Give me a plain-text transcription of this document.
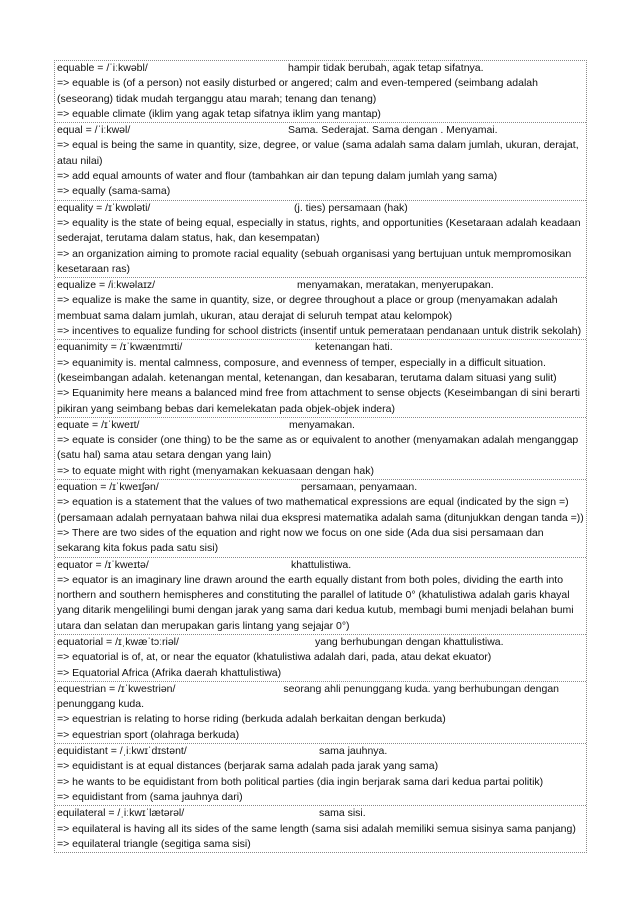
equable = /ˈiːkwəbl/	hampir tidak berubah, agak tetap sifatnya.
=> equable is (of a person) not easily disturbed or angered; calm and even-tempered (seimbang adalah (seseorang) tidak mudah terganggu atau marah; tenang dan tenang)
=> equable climate (iklim yang agak tetap sifatnya iklim yang mantap)
equal = /ˈiːkwəl/	Sama. Sederajat. Sama dengan . Menyamai.
=> equal is being the same in quantity, size, degree, or value (sama adalah sama dalam jumlah, ukuran, derajat, atau nilai)
=> add equal amounts of water and flour (tambahkan air dan tepung dalam jumlah yang sama)
=> equally (sama-sama)
equality = /ɪˈkwɒləti/	(j. ties) persamaan (hak)
=> equality is the state of being equal, especially in status, rights, and opportunities (Kesetaraan adalah keadaan sederajat, terutama dalam status, hak, dan kesempatan)
=> an organization aiming to promote racial equality (sebuah organisasi yang bertujuan untuk mempromosikan kesetaraan ras)
equalize = /iːkwəlaɪz/	menyamakan, meratakan, menyerupakan.
=> equalize is make the same in quantity, size, or degree throughout a place or group (menyamakan adalah membuat sama dalam jumlah, ukuran, atau derajat di seluruh tempat atau kelompok)
=> incentives to equalize funding for school districts (insentif untuk pemerataan pendanaan untuk distrik sekolah)
equanimity = /ɪˈkwænɪmɪti/	ketenangan hati.
=> equanimity is. mental calmness, composure, and evenness of temper, especially in a difficult situation. (keseimbangan adalah. ketenangan mental, ketenangan, dan kesabaran, terutama dalam situasi yang sulit)
=> Equanimity here means a balanced mind free from attachment to sense objects (Keseimbangan di sini berarti pikiran yang seimbang bebas dari kemelekatan pada objek-objek indera)
equate = /ɪˈkweɪt/	menyamakan.
=> equate is consider (one thing) to be the same as or equivalent to another (menyamakan adalah menganggap (satu hal) sama atau setara dengan yang lain)
=> to equate might with right (menyamakan kekuasaan dengan hak)
equation = /ɪˈkweɪʃən/	persamaan, penyamaan.
=> equation is a statement that the values of two mathematical expressions are equal (indicated by the sign =) (persamaan adalah pernyataan bahwa nilai dua ekspresi matematika adalah sama (ditunjukkan dengan tanda =))
=> There are two sides of the equation and right now we focus on one side (Ada dua sisi persamaan dan sekarang kita fokus pada satu sisi)
equator = /ɪˈkweɪtə/	khattulistiwa.
=> equator is an imaginary line drawn around the earth equally distant from both poles, dividing the earth into northern and southern hemispheres and constituting the parallel of latitude 0° (khatulistiwa adalah garis khayal yang ditarik mengelilingi bumi dengan jarak yang sama dari kedua kutub, membagi bumi menjadi belahan bumi utara dan selatan dan merupakan garis lintang yang sejajar 0°)
equatorial = /ɪˌkwæˈtɔːriəl/	yang berhubungan dengan khattulistiwa.
=> equatorial is of, at, or near the equator (khatulistiwa adalah dari, pada, atau dekat ekuator)
=> Equatorial Africa (Afrika daerah khattulistiwa)
equestrian = /ɪˈkwestriən/	seorang ahli penunggang kuda. yang berhubungan dengan penunggang kuda.
=> equestrian is relating to horse riding (berkuda adalah berkaitan dengan berkuda)
=> equestrian sport (olahraga berkuda)
equidistant = /ˌiːkwɪˈdɪstənt/	sama jauhnya.
=> equidistant is at equal distances (berjarak sama adalah pada jarak yang sama)
=> he wants to be equidistant from both political parties (dia ingin berjarak sama dari kedua partai politik)
=> equidistant from (sama jauhnya dari)
equilateral = /ˌiːkwɪˈlætərəl/	sama sisi.
=> equilateral is having all its sides of the same length (sama sisi adalah memiliki semua sisinya sama panjang)
=> equilateral triangle (segitiga sama sisi)
